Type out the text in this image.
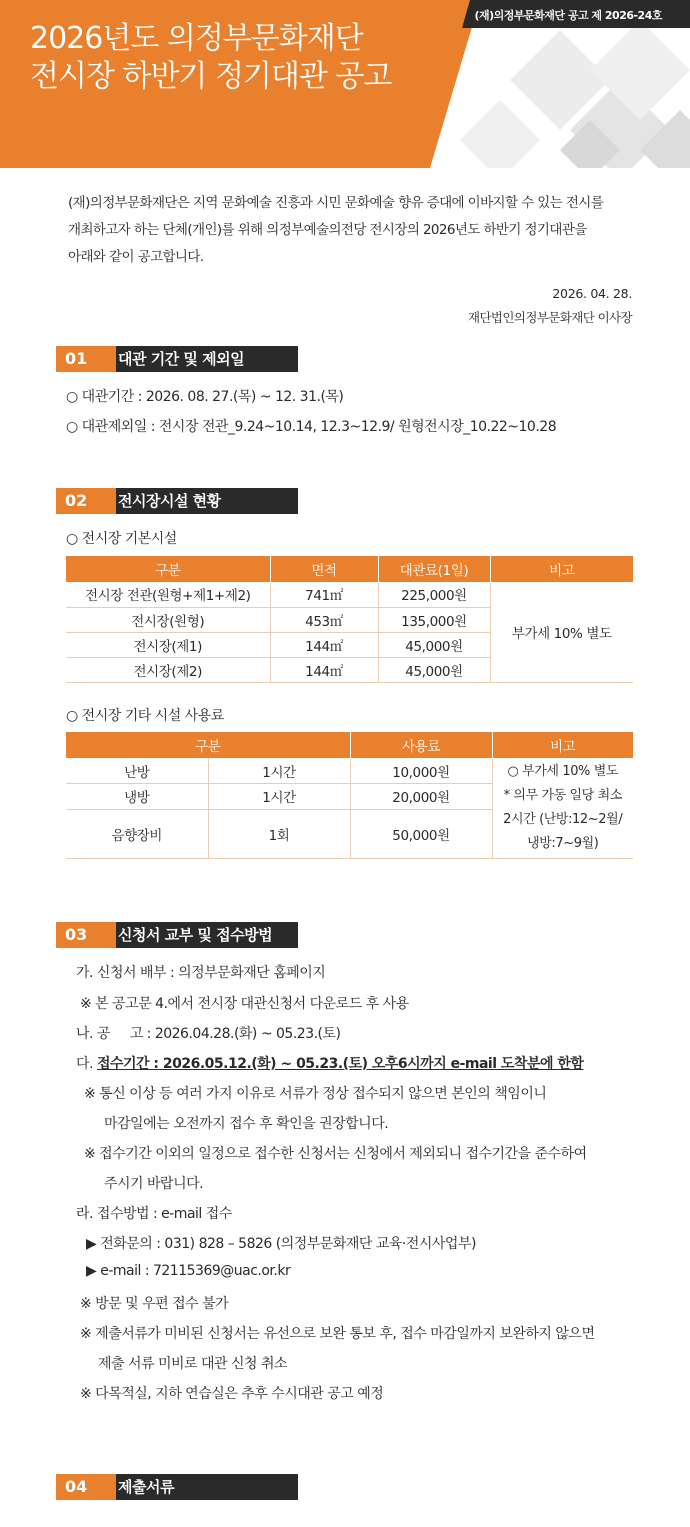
(재)의정부문화재단 공고 제 2026-24호
2026년도 의정부문화재단
전시장 하반기 정기대관 공고
(재)의정부문화재단은 지역 문화예술 진흥과 시민 문화예술 향유 증대에 이바지할 수 있는 전시를
개최하고자 하는 단체(개인)를 위해 의정부예술의전당 전시장의 2026년도 하반기 정기대관을
아래와 같이 공고합니다.
2026. 04. 28.
재단법인의정부문화재단 이사장
01	대관 기간 및 제외일
○ 대관기간 : 2026. 08. 27.(목) ~ 12. 31.(목)
○ 대관제외일 : 전시장 전관_9.24~10.14, 12.3~12.9/ 원형전시장_10.22~10.28
02	전시장시설 현황
○ 전시장 기본시설
구분	면적	대관료(1일)	비고
전시장 전관(원형+제1+제2)	741㎡	225,000원	부가세 10% 별도
전시장(원형)	453㎡	135,000원	
전시장(제1)	144㎡	45,000원	
전시장(제2)	144㎡	45,000원	
○ 전시장 기타 시설 사용료
구분		사용료	비고
난방	1시간	10,000원	○ 부가세 10% 별도
* 의무 가동 일당 최소
2시간 (난방:12~2월/
냉방:7~9월)

냉방	1시간	20,000원	
음향장비	1회	50,000원	
03	신청서 교부 및 접수방법
가. 신청서 배부 : 의정부문화재단 홈페이지
※ 본 공고문 4.에서 전시장 대관신청서 다운로드 후 사용
나. 공     고 : 2026.04.28.(화) ~ 05.23.(토)
다. 접수기간 : 2026.05.12.(화) ~ 05.23.(토) 오후6시까지 e-mail 도착분에 한함
※ 통신 이상 등 여러 가지 이유로 서류가 정상 접수되지 않으면 본인의 책임이니
마감일에는 오전까지 접수 후 확인을 권장합니다.
※ 접수기간 이외의 일정으로 접수한 신청서는 신청에서 제외되니 접수기간을 준수하여
주시기 바랍니다.
라. 접수방법 : e-mail 접수
▶ 전화문의 : 031) 828 – 5826 (의정부문화재단 교육·전시사업부)
▶ e-mail : 72115369@uac.or.kr
※ 방문 및 우편 접수 불가
※ 제출서류가 미비된 신청서는 유선으로 보완 통보 후, 접수 마감일까지 보완하지 않으면
제출 서류 미비로 대관 신청 취소
※ 다목적실, 지하 연습실은 추후 수시대관 공고 예정
04	제출서류
